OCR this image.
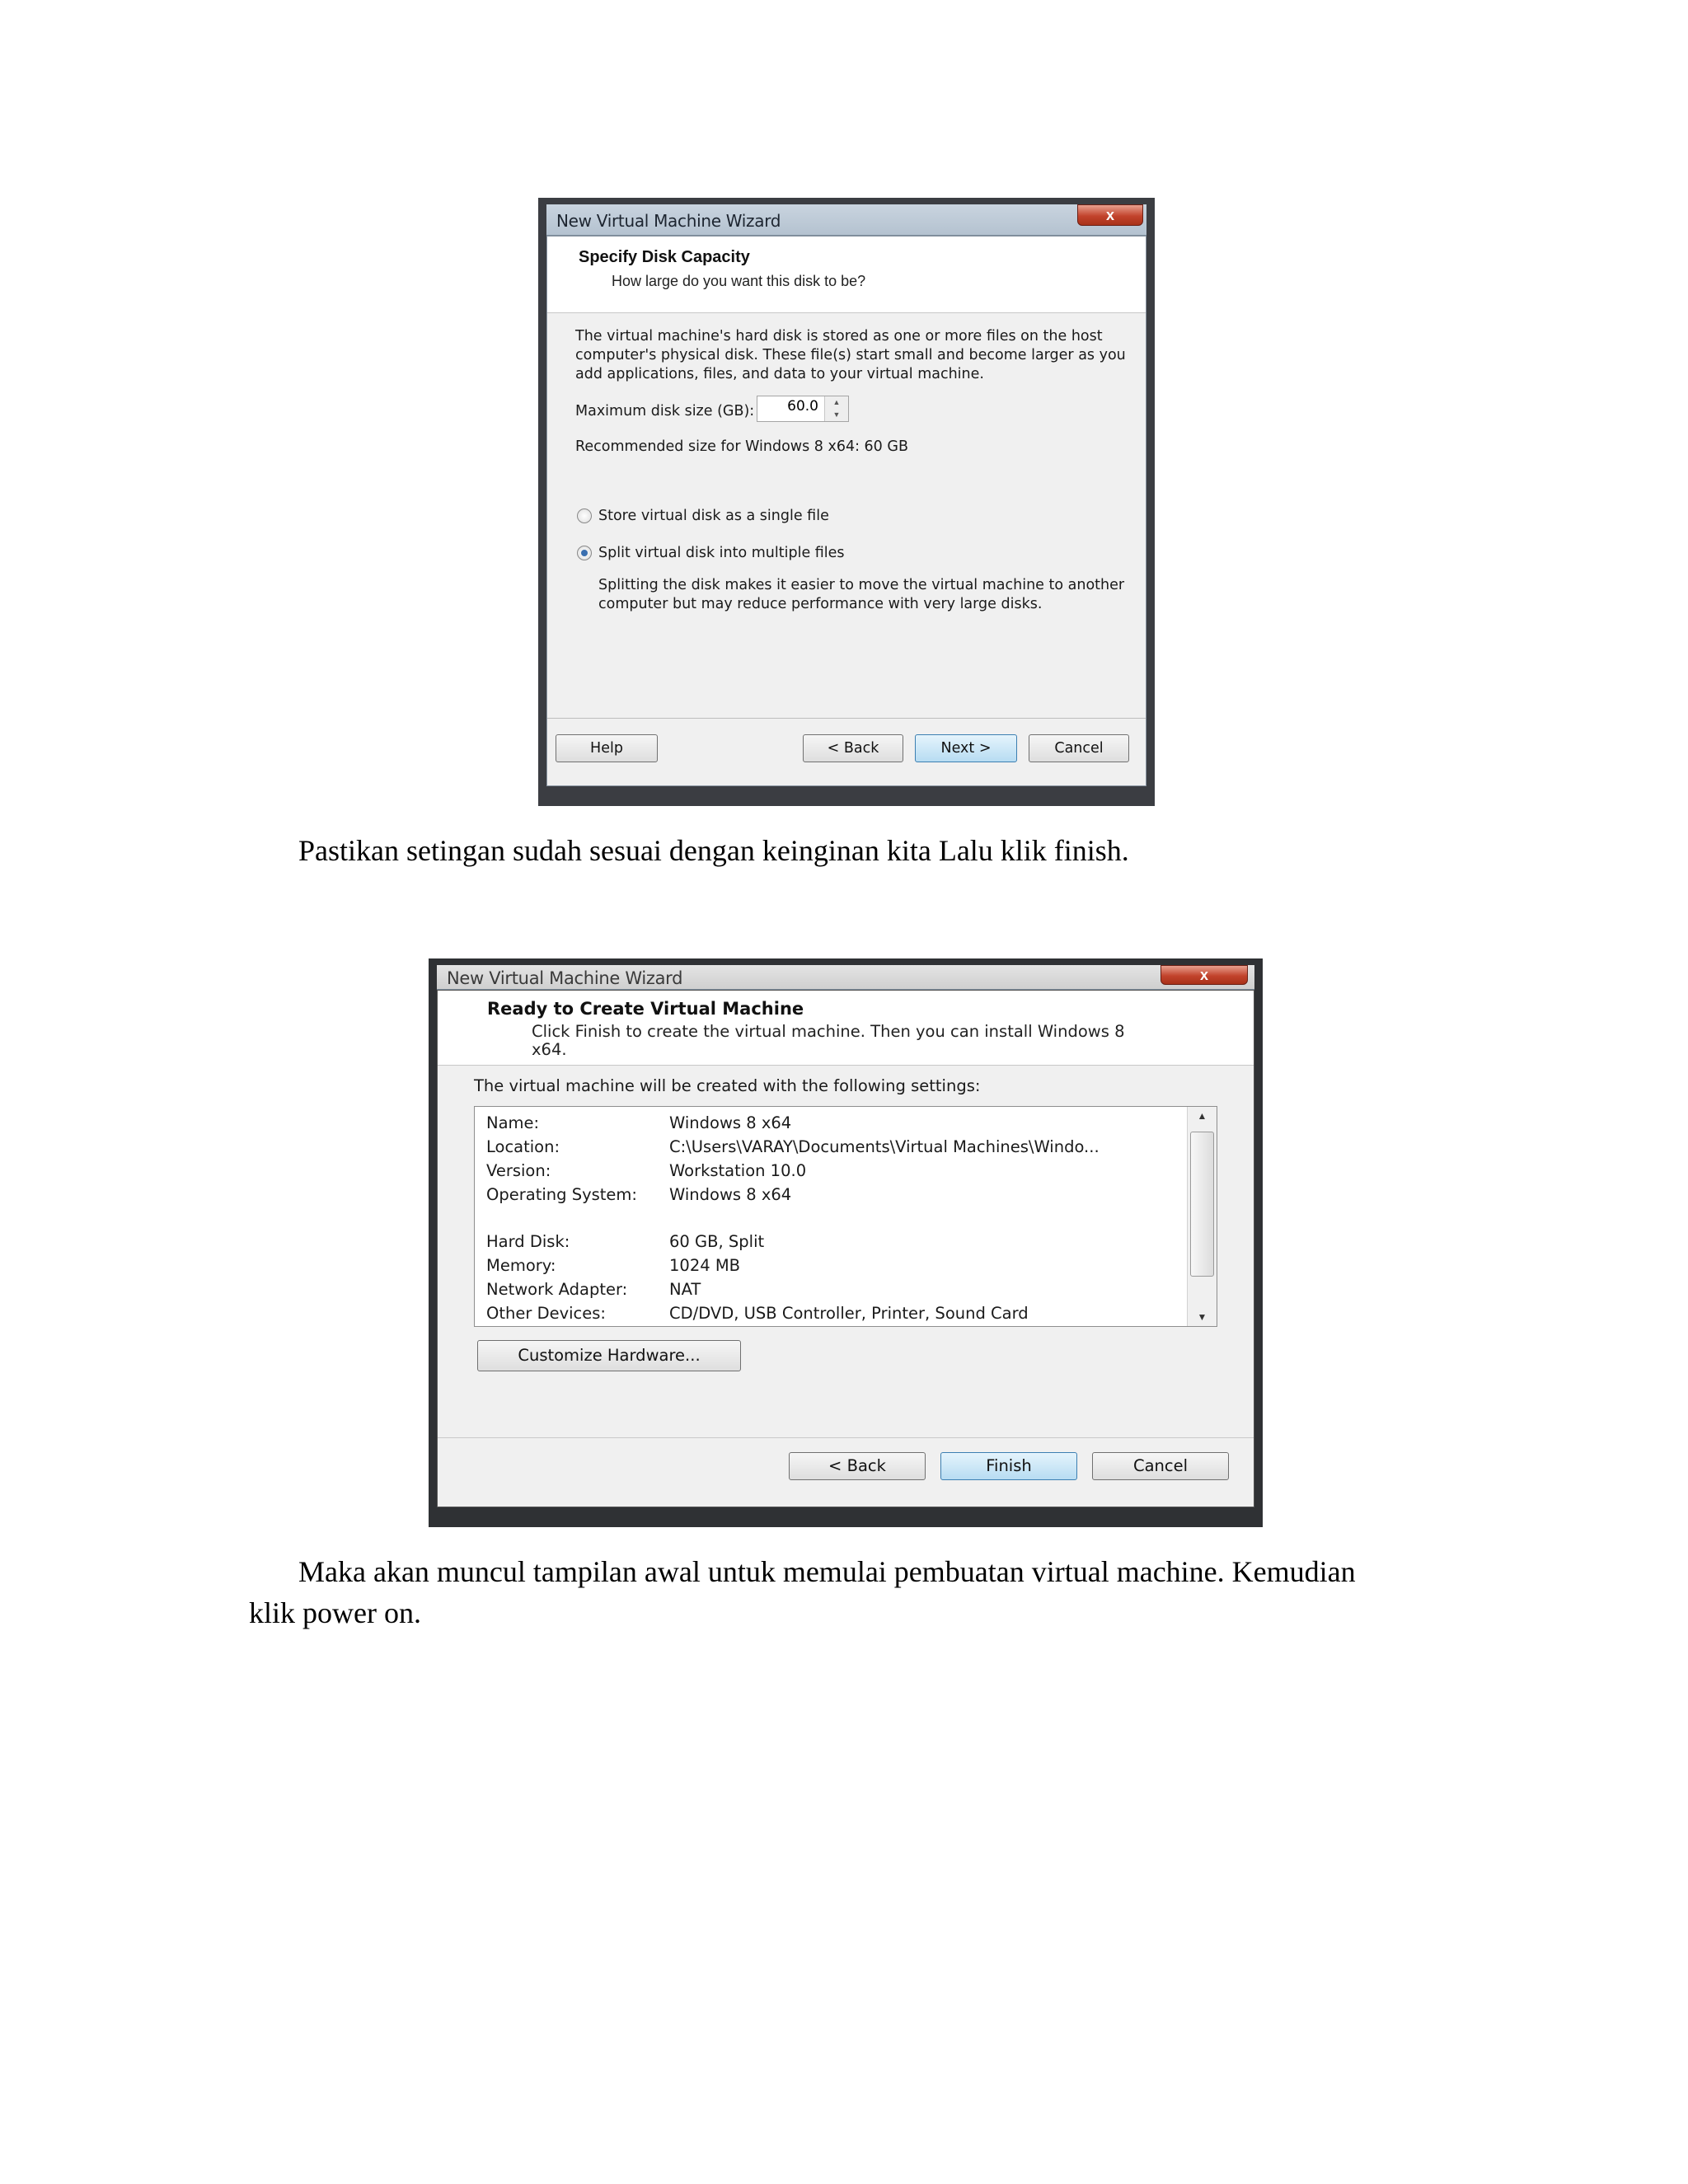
New Virtual Machine Wizard	x
Specify Disk Capacity
How large do you want this disk to be?
The virtual machine's hard disk is stored as one or more files on the host
computer's physical disk. These file(s) start small and become larger as you
add applications, files, and data to your virtual machine.
Maximum disk size (GB): 60.0	▲
▼
Recommended size for Windows 8 x64: 60 GB
Store virtual disk as a single file
Split virtual disk into multiple files
Splitting the disk makes it easier to move the virtual machine to another
computer but may reduce performance with very large disks.
Help	< Back	Next >	Cancel
Pastikan setingan sudah sesuai dengan keinginan kita Lalu klik finish.
New Virtual Machine Wizard	x
Ready to Create Virtual Machine
Click Finish to create the virtual machine. Then you can install Windows 8
x64.
The virtual machine will be created with the following settings:
Name:	Windows 8 x64
Location:	C:\Users\VARAY\Documents\Virtual Machines\Windo...
Version:	Workstation 10.0
Operating System: Windows 8 x64
Hard Disk:	60 GB, Split
Memory:	1024 MB
Network Adapter:	NAT
Other Devices:	CD/DVD, USB Controller, Printer, Sound Card
▲
▼
Customize Hardware...
< Back	Finish	Cancel
Maka akan muncul tampilan awal untuk memulai pembuatan virtual machine. Kemudian
klik power on.
